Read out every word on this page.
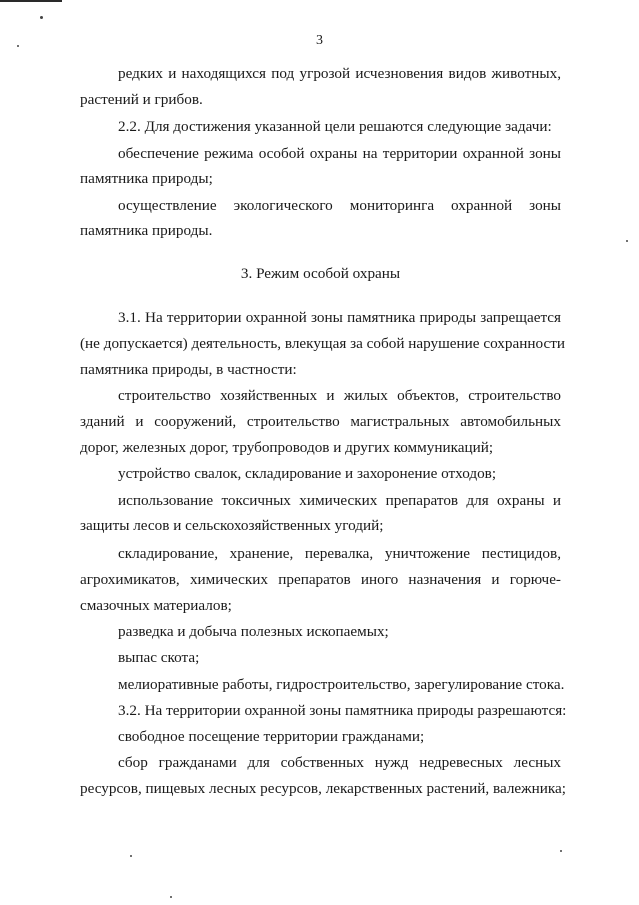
3
редких и находящихся под угрозой исчезновения видов животных,
растений и грибов.
2.2. Для достижения указанной цели решаются следующие задачи:
обеспечение режима особой охраны на территории охранной зоны
памятника природы;
осуществление экологического мониторинга охранной зоны
памятника природы.
3. Режим особой охраны
3.1. На территории охранной зоны памятника природы запрещается
(не допускается) деятельность, влекущая за собой нарушение сохранности
памятника природы, в частности:
строительство хозяйственных и жилых объектов, строительство
зданий и сооружений, строительство магистральных автомобильных
дорог, железных дорог, трубопроводов и других коммуникаций;
устройство свалок, складирование и захоронение отходов;
использование токсичных химических препаратов для охраны и
защиты лесов и сельскохозяйственных угодий;
складирование, хранение, перевалка, уничтожение пестицидов,
агрохимикатов, химических препаратов иного назначения и горюче-
смазочных материалов;
разведка и добыча полезных ископаемых;
выпас скота;
мелиоративные работы, гидростроительство, зарегулирование стока.
3.2. На территории охранной зоны памятника природы разрешаются:
свободное посещение территории гражданами;
сбор гражданами для собственных нужд недревесных лесных
ресурсов, пищевых лесных ресурсов, лекарственных растений, валежника;
